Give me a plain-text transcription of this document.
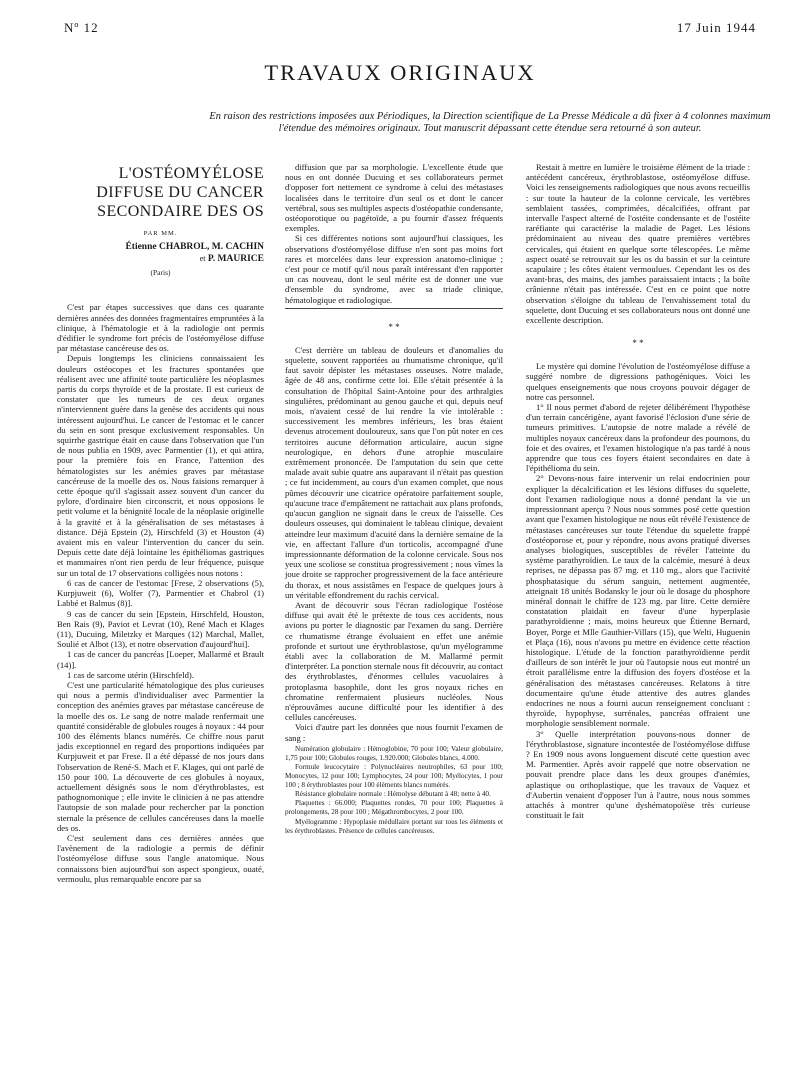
Nº 12	17 Juin 1944
TRAVAUX ORIGINAUX
En raison des restrictions imposées aux Périodiques, la Direction scientifique de La Presse Médicale a dû fixer à 4 colonnes maximum l'étendue des mémoires originaux. Tout manuscrit dépassant cette étendue sera retourné à son auteur.
L'OSTÉOMYÉLOSE DIFFUSE DU CANCER SECONDAIRE DES OS
PAR MM.
Étienne CHABROL, M. CACHIN
et P. MAURICE
(Paris)

C'est par étapes successives que dans ces quarante dernières années des données fragmentaires empruntées à la clinique, à l'hématologie et à la radiologie ont permis d'édifier le syndrome fort précis de l'ostéomyélose diffuse par métastase cancéreuse des os.

Depuis longtemps les cliniciens connaissaient les douleurs ostéocopes et les fractures spontanées que réalisent avec une affinité toute particulière les néoplasmes partis du corps thyroïde et de la prostate. Il est curieux de constater que les tumeurs de ces deux organes n'interviennent guère dans la genèse des accidents qui nous intéressent aujourd'hui. Le cancer de l'estomac et le cancer du sein en sont presque exclusivement responsables. Un squirrhe gastrique était en cause dans l'observation que l'un de nous publia en 1909, avec Parmentier (1), et qui attira, pour la première fois en France, l'attention des hématologistes sur les anémies graves par métastase cancéreuse de la moelle des os. Nous faisions remarquer à cette époque qu'il s'agissait assez souvent d'un cancer du pylore, d'ordinaire bien circonscrit, et nous opposions le petit volume et la bénignité locale de la néoplasie originelle à la gravité et à la généralisation de ses métastases à distance. Déjà Epstein (2), Hirschfeld (3) et Houston (4) avaient mis en valeur l'intervention du cancer du sein. Depuis cette date déjà lointaine les épithéliomas gastriques et mammaires n'ont rien perdu de leur fréquence, puisque sur un total de 17 observations colligées nous notons :

6 cas de cancer de l'estomac [Frese, 2 observations (5), Kurpjuweit (6), Wolfer (7), Parmentier et Chabrol (1) Labbé et Balmus (8)].

9 cas de cancer du sein [Epstein, Hirschfeld, Houston, Ben Rais (9), Paviot et Levrat (10), René Mach et Klages (11), Ducuing, Miletzky et Marques (12) Marchal, Mallet, Soulié et Albot (13), et notre observation d'aujourd'hui].

1 cas de cancer du pancréas [Loeper, Mallarmé et Brault (14)].

1 cas de sarcome utérin (Hirschfeld).

C'est une particularité hématologique des plus curieuses qui nous a permis d'individualiser avec Parmentier la conception des anémies graves par métastase cancéreuse de la moelle des os. Le sang de notre malade renfermait une quantité considérable de globules rouges à noyaux : 44 pour 100 des éléments blancs numérés. Ce chiffre nous parut jadis exceptionnel en regard des proportions indiquées par Kurpjuweit et par Frese. Il a été dépassé de nos jours dans l'observation de René-S. Mach et F. Klages, qui ont parlé de 150 pour 100. La découverte de ces globules à noyaux, actuellement désignés sous le nom d'érythroblastes, est pathognomonique ; elle invite le clinicien à ne pas attendre l'autopsie de son malade pour rechercher par la ponction sternale la présence de cellules cancéreuses dans la moelle des os.

C'est seulement dans ces dernières années que l'avènement de la radiologie a permis de définir l'ostéomyélose diffuse sous l'angle anatomique. Nous connaissons bien aujourd'hui son aspect spongieux, ouaté, vermoulu, plus remarquable encore par sa

diffusion que par sa morphologie. L'excellente étude que nous en ont donnée Ducuing et ses collaborateurs permet d'opposer fort nettement ce syndrome à celui des métastases localisées dans le territoire d'un seul os et dont le cancer vertébral, sous ses multiples aspects d'ostéopathie condensante, ostéoporotique ou pagétoïde, a pu fournir d'assez fréquents exemples.

Si ces différentes notions sont aujourd'hui classiques, les observations d'ostéomyélose diffuse n'en sont pas moins fort rares et morcelées dans leur expression anatomo-clinique ; c'est pour ce motif qu'il nous paraît intéressant d'en rapporter un cas nouveau, dont le seul mérite est de donner une vue d'ensemble du syndrome, avec sa triade clinique, hématologique et radiologique.

* *

C'est derrière un tableau de douleurs et d'anomalies du squelette, souvent rapportées au rhumatisme chronique, qu'il faut savoir dépister les métastases osseuses. Notre malade, âgée de 48 ans, confirme cette loi. Elle s'était présentée à la consultation de l'hôpital Saint-Antoine pour des arthralgies singulières, prédominant au genou gauche et qui, depuis neuf mois, n'avaient cessé de lui rendre la vie intolérable : successivement les membres inférieurs, les bras étaient devenus atrocement douloureux, sans que l'on pût noter en ces territoires aucune déformation articulaire, aucun signe neurologique, en dehors d'une atrophie musculaire extrêmement prononcée. De l'amputation du sein que cette malade avait subie quatre ans auparavant il n'était pas question ; ce fut incidemment, au cours d'un examen complet, que nous pûmes découvrir une cicatrice opératoire parfaitement souple, qu'aucune trace d'empâtement ne rattachait aux plans profonds, qu'aucun ganglion ne signait dans le creux de l'aisselle. Ces douleurs osseuses, qui dominaient le tableau clinique, devaient atteindre leur maximum d'acuité dans la dernière semaine de la vie, en affectant l'allure d'un torticolis, accompagné d'une impressionnante déformation de la colonne cervicale. Sous nos yeux une scoliose se constitua progressivement ; nous vîmes la joue droite se rapprocher progressivement de la face antérieure du thorax, et nous assistâmes en l'espace de quelques jours à un véritable effondrement du rachis cervical.

Avant de découvrir sous l'écran radiologique l'ostéose diffuse qui avait été le prétexte de tous ces accidents, nous avions pu porter le diagnostic par l'examen du sang. Derrière ce rhumatisme étrange évoluaient en effet une anémie profonde et surtout une érythroblastose, qu'un myélogramme établi avec la collaboration de M. Mallarmé permit d'interpréter. La ponction sternale nous fit découvrir, au contact des érythroblastes, d'énormes cellules vacuolaires à protoplasma basophile, dont les gros noyaux riches en chromatine renfermaient plusieurs nucléoles. Nous n'éprouvâmes aucune difficulté pour les identifier à des cellules cancéreuses.

Voici d'autre part les données que nous fournit l'examen de sang :

Numération globulaire : Hémoglobine, 70 pour 100; Valeur globulaire, 1,75 pour 100; Globules rouges, 1.920.000; Globules blancs, 4.000.

Formule leucocytaire : Polynucléaires neutrophiles, 63 pour 100; Monocytes, 12 pour 100; Lymphocytes, 24 pour 100; Myélocytes, 1 pour 100 ; 8 érythroblastes pour 100 éléments blancs numérés.

Résistance globulaire normale : Hémolyse débutant à 48; nette à 40.

Plaquettes : 66.000; Plaquettes rondes, 70 pour 100; Plaquettes à prolongements, 28 pour 100 ; Mégathrombocytes, 2 pour 100.

Myélogramme : Hypoplasie médullaire portant sur tous les éléments et les érythroblastes. Présence de cellules cancéreuses.

Restait à mettre en lumière le troisième élément de la triade : antécédent cancéreux, érythroblastose, ostéomyélose diffuse. Voici les renseignements radiologiques que nous avons recueillis : sur toute la hauteur de la colonne cervicale, les vertèbres semblaient tassées, comprimées, décalcifiées, offrant par intervalle l'aspect alterné de l'ostéite condensante et de l'ostéite raréfiante qui caractérise la maladie de Paget. Les lésions prédominaient au niveau des quatre premières vertèbres cervicales, qui étaient en quelque sorte télescopées. Le même aspect ouaté se retrouvait sur les os du bassin et sur la ceinture scapulaire ; les côtes étaient vermoulues. Cependant les os des avant-bras, des mains, des jambes paraissaient intacts ; la boîte crânienne n'était pas intéressée. C'est en ce point que notre observation s'éloigne du tableau de l'envahissement total du squelette, dont Ducuing et ses collaborateurs nous ont donné une excellente description.

* *

Le mystère qui domine l'évolution de l'ostéomyélose diffuse a suggéré nombre de digressions pathogéniques. Voici les quelques enseignements que nous croyons pouvoir dégager de notre cas personnel.

1° Il nous permet d'abord de rejeter délibérément l'hypothèse d'un terrain cancérigène, ayant favorisé l'éclosion d'une série de tumeurs primitives. L'autopsie de notre malade a révélé de multiples noyaux cancéreux dans la profondeur des poumons, du foie et des ovaires, et l'examen histologique n'a pas tardé à nous apprendre que tous ces foyers étaient secondaires en date à l'épithélioma du sein.

2° Devons-nous faire intervenir un relai endocrinien pour expliquer la décalcification et les lésions diffuses du squelette, dont l'examen radiologique nous a donné pendant la vie un impressionnant aperçu ? Nous nous sommes posé cette question avant que l'examen histologique ne nous eût révélé l'existence de métastases cancéreuses sur toute l'étendue du squelette frappé d'ostéoporose et, pour y répondre, nous avons pratiqué diverses analyses biologiques, susceptibles de révéler l'atteinte du système parathyroïdien. Le taux de la calcémie, mesuré à deux reprises, ne dépassa pas 87 mg. et 110 mg., alors que l'activité phosphatasique du sérum sanguin, nettement augmentée, atteignait 18 unités Bodansky le jour où le dosage du phosphore minéral donnait le chiffre de 123 mg. par litre. Cette dernière constatation plaidait en faveur d'une hyperplasie parathyroïdienne ; mais, moins heureux que Étienne Bernard, Boyer, Porge et Mlle Gauthier-Villars (15), que Welti, Huguenin et Plaça (16), nous n'avons pu mettre en évidence cette réaction histologique. L'étude de la fonction parathyroïdienne perdit d'ailleurs de son intérêt le jour où l'autopsie nous eut montré un étroit parallélisme entre la diffusion des foyers d'ostéose et la généralisation des métastases cancéreuses. Relatons à titre documentaire qu'une étude attentive des autres glandes endocrines ne nous a fourni aucun renseignement concluant : thyroïde, hypophyse, surrénales, pancréas offraient une morphologie sensiblement normale.

3° Quelle interprétation pouvons-nous donner de l'érythroblastose, signature incontestée de l'ostéomyélose diffuse ? En 1909 nous avons longuement discuté cette question avec M. Parmentier. Après avoir rappelé que notre observation ne pouvait prendre place dans les deux groupes d'anémies, aplastique ou orthoplastique, que les travaux de Vaquez et d'Aubertin venaient d'opposer l'un à l'autre, nous nous sommes attachés à montrer qu'une dyshématopoïèse très curieuse constituait le fait
